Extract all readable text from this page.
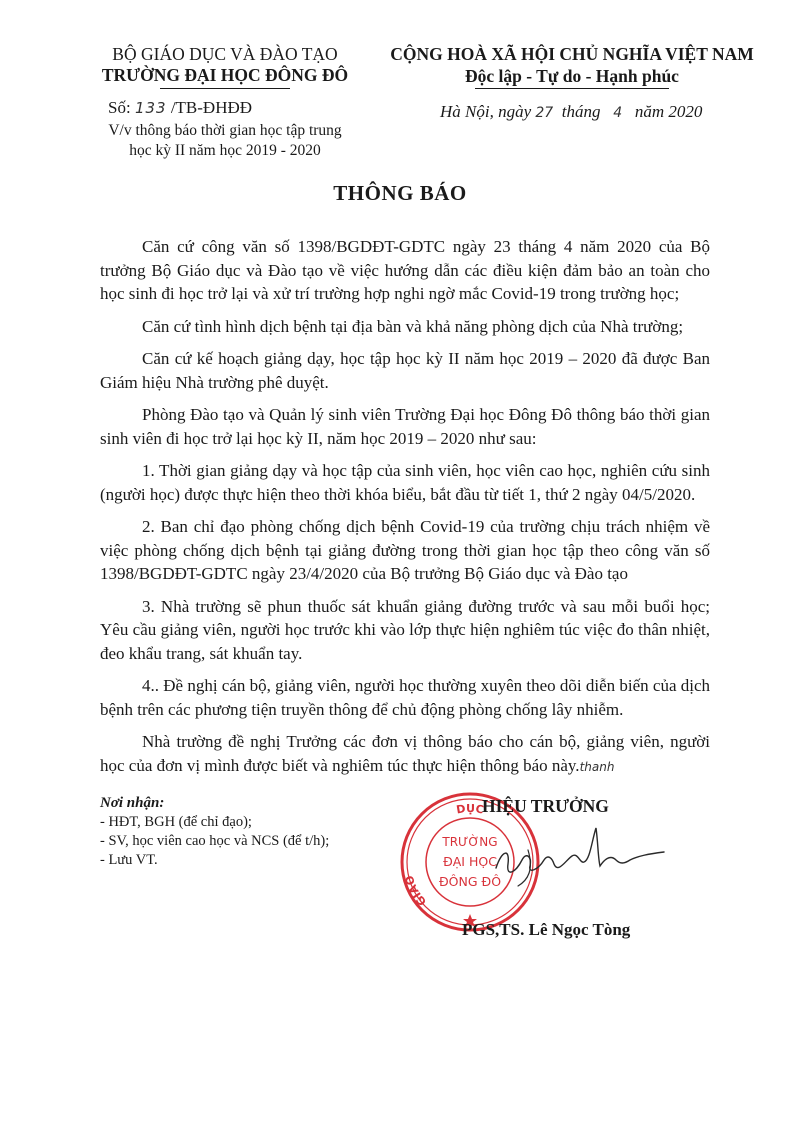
BỘ GIÁO DỤC VÀ ĐÀO TẠO
TRƯỜNG ĐẠI HỌC ĐÔNG ĐÔ
Số: 133 /TB-ĐHĐĐ
V/v thông báo thời gian học tập trung
học kỳ II năm học 2019 - 2020
CỘNG HOÀ XÃ HỘI CHỦ NGHĨA VIỆT NAM
Độc lập - Tự do - Hạnh phúc
Hà Nội, ngày 27 tháng 4 năm 2020
THÔNG BÁO

Căn cứ công văn số 1398/BGDĐT-GDTC ngày 23 tháng 4 năm 2020 của Bộ trưởng Bộ Giáo dục và Đào tạo về việc hướng dẫn các điều kiện đảm bảo an toàn cho học sinh đi học trở lại và xử trí trường hợp nghi ngờ mắc Covid-19 trong trường học;

Căn cứ tình hình dịch bệnh tại địa bàn và khả năng phòng dịch của Nhà trường;

Căn cứ kế hoạch giảng dạy, học tập học kỳ II năm học 2019 – 2020 đã được Ban Giám hiệu Nhà trường phê duyệt.

Phòng Đào tạo và Quản lý sinh viên Trường Đại học Đông Đô thông báo thời gian sinh viên đi học trở lại học kỳ II, năm học 2019 – 2020 như sau:

1. Thời gian giảng dạy và học tập của sinh viên, học viên cao học, nghiên cứu sinh (người học) được thực hiện theo thời khóa biểu, bắt đầu từ tiết 1, thứ 2 ngày 04/5/2020.

2. Ban chỉ đạo phòng chống dịch bệnh Covid-19 của trường chịu trách nhiệm về việc phòng chống dịch bệnh tại giảng đường trong thời gian học tập theo công văn số 1398/BGDĐT-GDTC ngày 23/4/2020 của Bộ trưởng Bộ Giáo dục và Đào tạo

3. Nhà trường sẽ phun thuốc sát khuẩn giảng đường trước và sau mỗi buổi học; Yêu cầu giảng viên, người học trước khi vào lớp thực hiện nghiêm túc việc đo thân nhiệt, đeo khẩu trang, sát khuẩn tay.

4.. Đề nghị cán bộ, giảng viên, người học thường xuyên theo dõi diễn biến của dịch bệnh trên các phương tiện truyền thông để chủ động phòng chống lây nhiễm.

Nhà trường đề nghị Trưởng các đơn vị thông báo cho cán bộ, giảng viên, người học của đơn vị mình được biết và nghiêm túc thực hiện thông báo này.thanh

Nơi nhận:
- HĐT, BGH (để chỉ đạo);
- SV, học viên cao học và NCS (để t/h);
- Lưu VT.
DỤC
GIÁO
TRƯỜNG
ĐẠI HỌC
ĐÔNG ĐÔ
HIỆU TRƯỞNG
PGS,TS. Lê Ngọc Tòng
